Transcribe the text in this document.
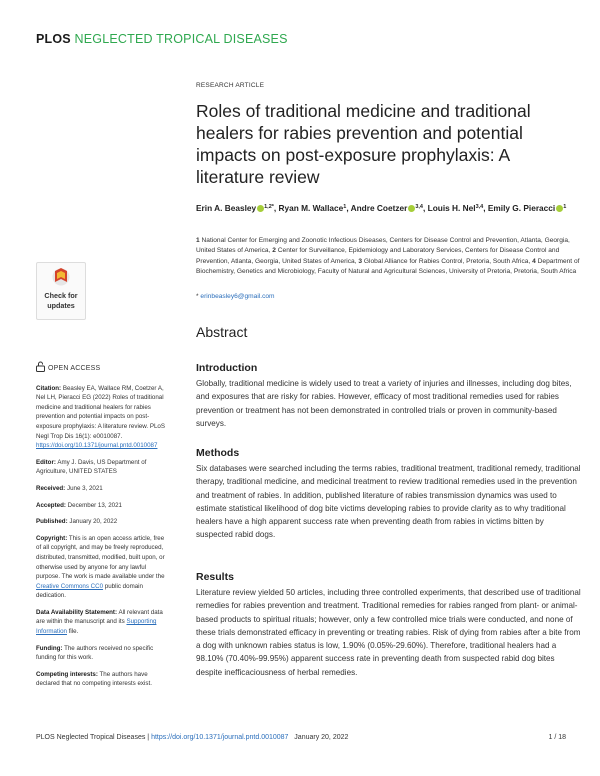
PLOS NEGLECTED TROPICAL DISEASES
RESEARCH ARTICLE
Roles of traditional medicine and traditional healers for rabies prevention and potential impacts on post-exposure prophylaxis: A literature review
Erin A. Beasley $^{1,2*}$, Ryan M. Wallace$^1$, Andre Coetzer $^{3,4}$, Louis H. Nel$^{3,4}$, Emily G. Pieracci $^1$
1 National Center for Emerging and Zoonotic Infectious Diseases, Centers for Disease Control and Prevention, Atlanta, Georgia, United States of America, 2 Center for Surveillance, Epidemiology and Laboratory Services, Centers for Disease Control and Prevention, Atlanta, Georgia, United States of America, 3 Global Alliance for Rabies Control, Pretoria, South Africa, 4 Department of Biochemistry, Genetics and Microbiology, Faculty of Natural and Agricultural Sciences, University of Pretoria, Pretoria, South Africa
* erinbeasley6@gmail.com
Check for
updates
OPEN ACCESS

Citation: Beasley EA, Wallace RM, Coetzer A, Nel LH, Pieracci EG (2022) Roles of traditional medicine and traditional healers for rabies prevention and potential impacts on post-exposure prophylaxis: A literature review. PLoS Negl Trop Dis 16(1): e0010087. https://doi.org/10.1371/journal.pntd.0010087

Editor: Amy J. Davis, US Department of Agriculture, UNITED STATES

Received: June 3, 2021

Accepted: December 13, 2021

Published: January 20, 2022

Copyright: This is an open access article, free of all copyright, and may be freely reproduced, distributed, transmitted, modified, built upon, or otherwise used by anyone for any lawful purpose. The work is made available under the Creative Commons CC0 public domain dedication.

Data Availability Statement: All relevant data are within the manuscript and its Supporting Information file.

Funding: The authors received no specific funding for this work.

Competing interests: The authors have declared that no competing interests exist.

Abstract
Introduction

Globally, traditional medicine is widely used to treat a variety of injuries and illnesses, including dog bites, and exposures that are risky for rabies. However, efficacy of most traditional remedies used for rabies prevention or treatment has not been demonstrated in controlled trials or proven in community-based surveys.

Methods

Six databases were searched including the terms rabies, traditional treatment, traditional remedy, traditional therapy, traditional medicine, and medicinal treatment to review traditional remedies used in the prevention and treatment of rabies. In addition, published literature of rabies transmission dynamics was used to estimate statistical likelihood of dog bite victims developing rabies to provide clarity as to why traditional healers have a high apparent success rate when preventing death from rabies in victims bitten by suspected rabid dogs.

Results

Literature review yielded 50 articles, including three controlled experiments, that described use of traditional remedies for rabies prevention and treatment. Traditional remedies for rabies ranged from plant- or animal-based products to spiritual rituals; however, only a few controlled mice trials were conducted, and none of these trials demonstrated efficacy in preventing or treating rabies. Risk of dying from rabies after a bite from a dog with unknown rabies status is low, 1.90% (0.05%-29.60%). Therefore, traditional healers had a 98.10% (70.40%-99.95%) apparent success rate in preventing death from suspected rabid dog bites despite inefficaciousness of herbal remedies.

PLOS Neglected Tropical Diseases | https://doi.org/10.1371/journal.pntd.0010087 January 20, 2022	1 / 18
